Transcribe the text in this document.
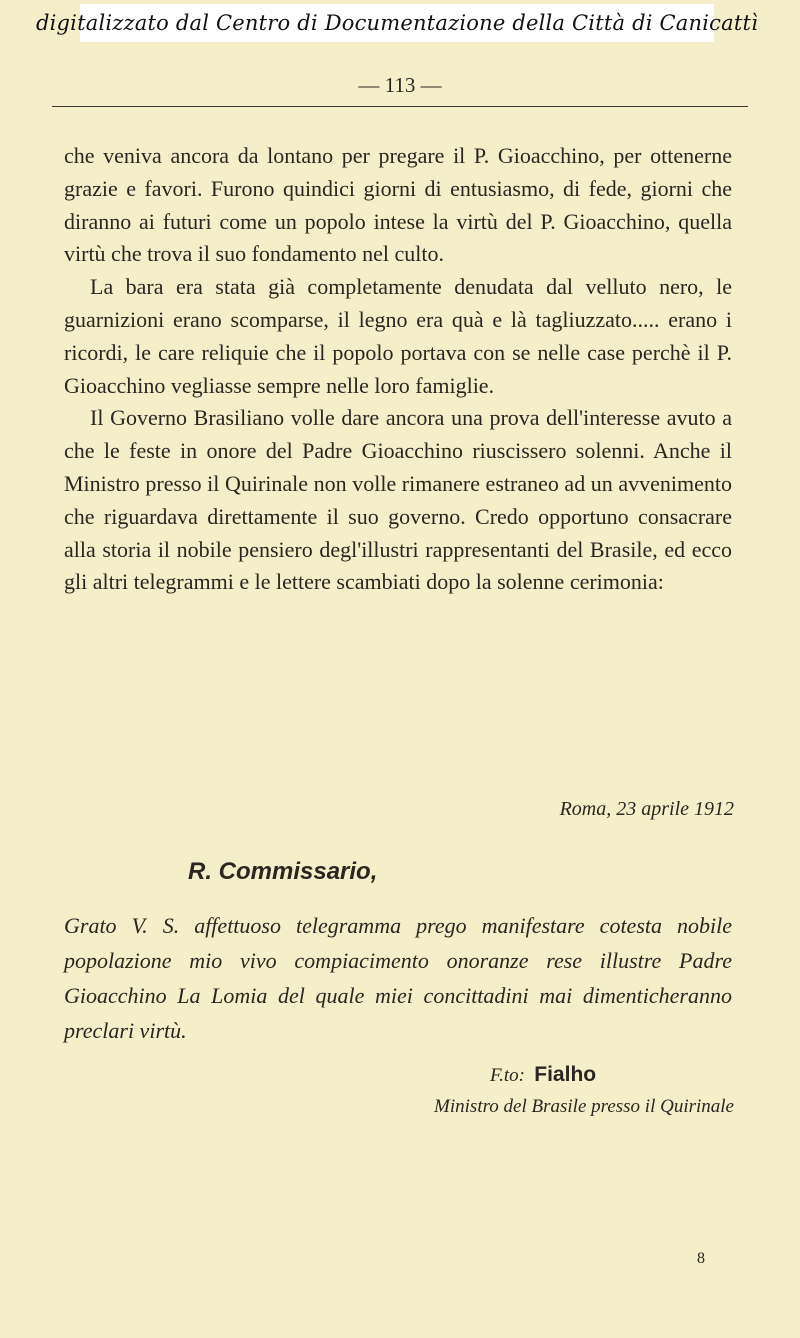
digitalizzato dal Centro di Documentazione della Città di Canicattì
— 113 —

che veniva ancora da lontano per pregare il P. Gioacchino, per ottenerne grazie e favori. Furono quindici giorni di entusiasmo, di fede, giorni che diranno ai futuri come un popolo intese la virtù del P. Gioacchino, quella virtù che trova il suo fondamento nel culto.

La bara era stata già completamente denudata dal velluto nero, le guarnizioni erano scomparse, il legno era quà e là tagliuzzato..... erano i ricordi, le care reliquie che il popolo portava con se nelle case perchè il P. Gioacchino vegliasse sempre nelle loro famiglie.

Il Governo Brasiliano volle dare ancora una prova dell'interesse avuto a che le feste in onore del Padre Gioacchino riuscissero solenni. Anche il Ministro presso il Quirinale non volle rimanere estraneo ad un avvenimento che riguardava direttamente il suo governo. Credo opportuno consacrare alla storia il nobile pensiero degl'illustri rappresentanti del Brasile, ed ecco gli altri telegrammi e le lettere scambiati dopo la solenne cerimonia:

Roma, 23 aprile 1912
R. Commissario,
Grato V. S. affettuoso telegramma prego manifestare cotesta nobile popolazione mio vivo compiacimento onoranze rese illustre Padre Gioacchino La Lomia del quale miei concittadini mai dimenticheranno preclari virtù.
F.to: Fialho
Ministro del Brasile presso il Quirinale
8
